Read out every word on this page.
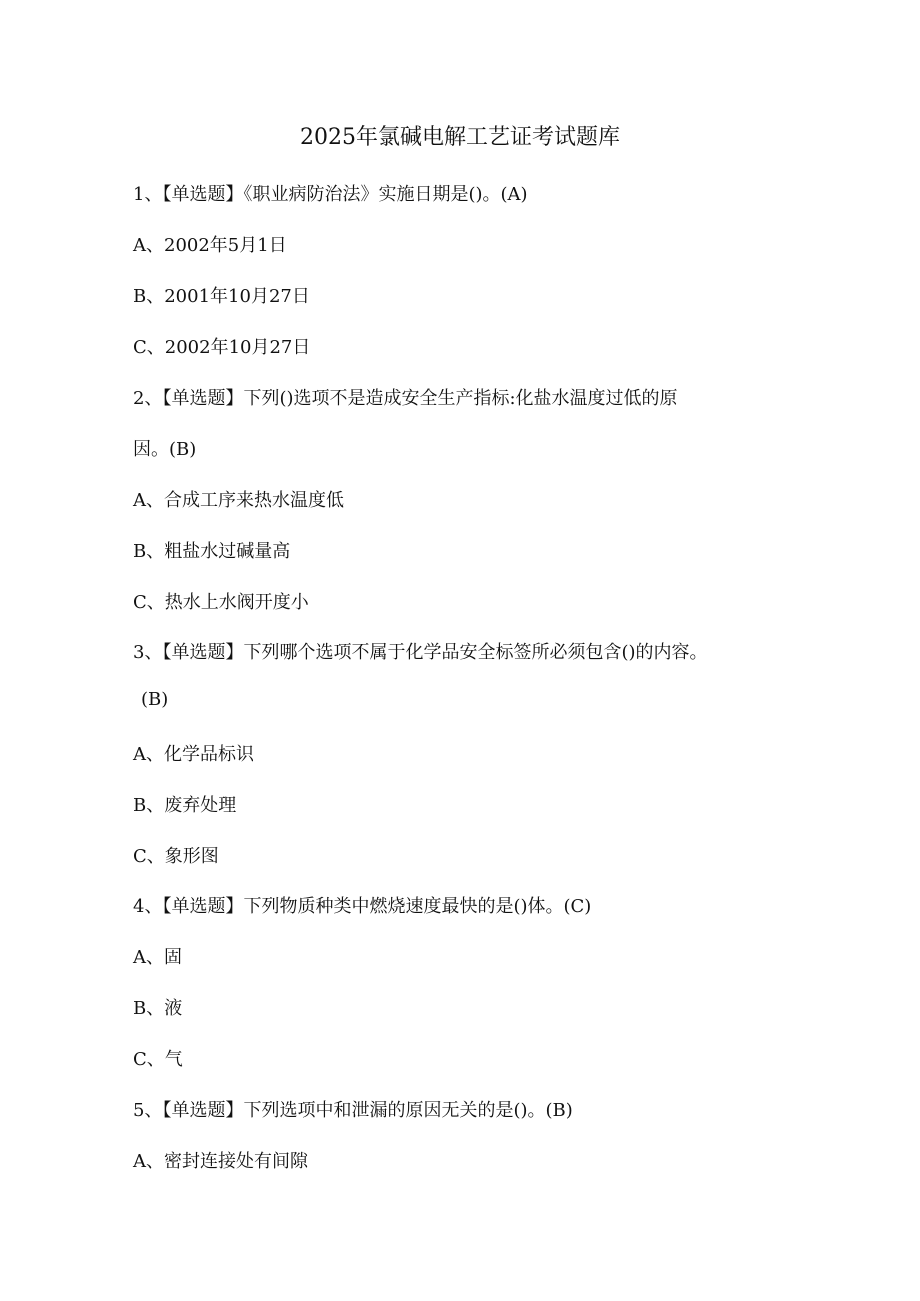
2025年氯碱电解工艺证考试题库
1、【单选题】《职业病防治法》实施日期是()。(A)
A、2002年5月1日
B、2001年10月27日
C、2002年10月27日
2、【单选题】下列()选项不是造成安全生产指标:化盐水温度过低的原
因。(B)
A、合成工序来热水温度低
B、粗盐水过碱量高
C、热水上水阀开度小
3、【单选题】下列哪个选项不属于化学品安全标签所必须包含()的内容。
(B)
A、化学品标识
B、废弃处理
C、象形图
4、【单选题】下列物质种类中燃烧速度最快的是()体。(C)
A、固
B、液
C、气
5、【单选题】下列选项中和泄漏的原因无关的是()。(B)
A、密封连接处有间隙
